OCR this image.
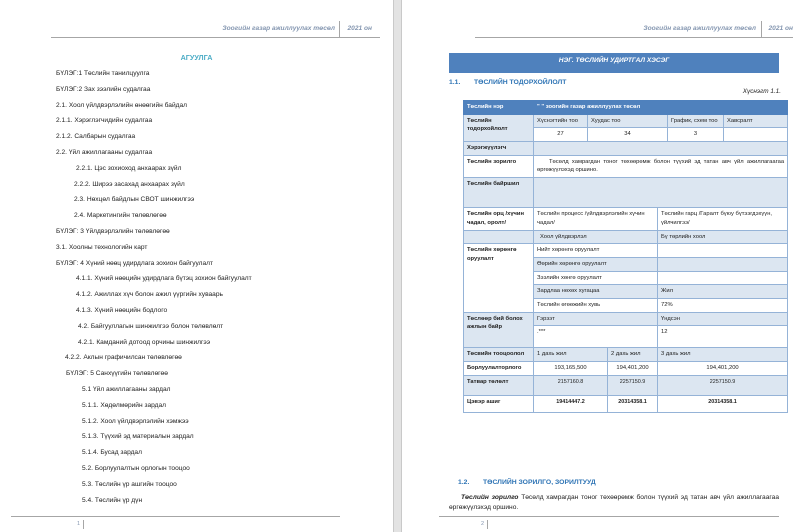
Зоогийн газар ажиллуулах төсөл 2021 он
АГУУЛГА
БҮЛЭГ:1 Төслийн танилцуулга
БҮЛЭГ:2 Зах зээлийн судалгаа
2.1. Хоол үйлдвэрлэлийн өнөөгийн байдал
2.1.1. Хэрэглэгчидийн судалгаа
2.1.2. Салбарын судалгаа
2.2. Үйл ажиллагааны судалгаа
2.2.1. Цэс зохиоход анхаарах зүйл
2.2.2. Ширээ засахад анхаарах зүйл
2.3. Нөхцөл байдлын СВОТ шинжилгээ
2.4. Маркетингийн төлөвлөгөө
БҮЛЭГ: 3 Үйлдвэрлэлийн төлөвлөгөө
3.1. Хоолны технологийн карт
БҮЛЭГ: 4 Хүний нөөц удирдлага зохион байгуулалт
4.1.1. Хүний нөөцийн удирдлага бүтэц зохион байгуулалт
4.1.2. Ажиллах хүч болон ажил үүргийн хуваарь
4.1.3. Хүний нөөцийн бодлого
4.2. Байгууллагын шинжилгээ болон төлөвлөлт
4.2.1. Камданий дотоод орчины шинжилгээ
4.2.2. Аклын графичилсан төлөвлөгөө
БҮЛЭГ: 5 Санхүүгийн төлөвлөгөө
5.1 Үйл ажиллагааны зардал
5.1.1. Хөдөлмөрийн зардал
5.1.2. Хоол үйлдвэрлэлийн хэмжээ
5.1.3. Түүхий эд материалын зардал
5.1.4. Бусад зардал
5.2. Борлуулалтын орлогын тооцоо
5.3. Төслийн үр ашгийн тооцоо
5.4. Төслийн үр дүн
1
Зоогийн газар ажиллуулах төсөл 2021 он
НЭГ. ТӨСЛИЙН УДИРТГАЛ ХЭСЭГ
1.1. ТӨСЛИЙН ТОДОРХОЙЛОЛТ
Хүснэгт 1.1.
Төслийн нэр	" " зоогийн газар ажиллуулах төсөл					
Төслийн тодорхойлолт	Хүснэгтийн тоо	Хуудас тоо			График, схем тоо	Хавсралт
	27	34			3	
Хэрэгжүүлэгч						
Төслийн зорилго	Төсөлд хамрагдан тоног төхөөрөмж болон түүхий эд татан авч үйл ажиллагаагаа өргөжүүлэхэд оршино.					
Төслийн байршил						
Төслийн орц /хүчин чадал, оролт/	Төслийн процесс /үйлдвэрлэлийн хүчин чадал/			Төслийн гарц /Гаралт бүюу бүтээгдэхүүн, үйлчилгээ/		
	Хоол үйлдвэрлэл			Бү төрлийн хоол		
Төслийн хөрөнгө оруулалт	Нийт хөрөнгө оруулалт					
	Өөрийн хөрөнгө оруулалт					
	Зээлийн хөнгө оруулалт					
	Зардлаа нөхөх хугацаа			Жил		
	Төслийн өгөөжийн хувь			72%		
Төслөөр бий болох ажлын байр	Гэрээт			Үндсэн		
	.***			12		
Төсвийн тооцоолол	1 дахь жил		2 дахь жил	3 дахь жил		
Борлуулалторлого	193,165,500		194,401,200	194,401,200		
Татвар төлөлт	2157160.8		2257150.9	2257150.9		
Цэвэр ашиг	19414447.2		20314358.1	20314358.1		
1.2. ТӨСЛИЙН ЗОРИЛГО, ЗОРИЛТУУД
Төслийн зорилго Төсөлд хамрагдан тоног төхөөрөмж болон түүхий эд татан авч үйл ажиллагаагаа өргөжүүлэхэд оршино.
2
